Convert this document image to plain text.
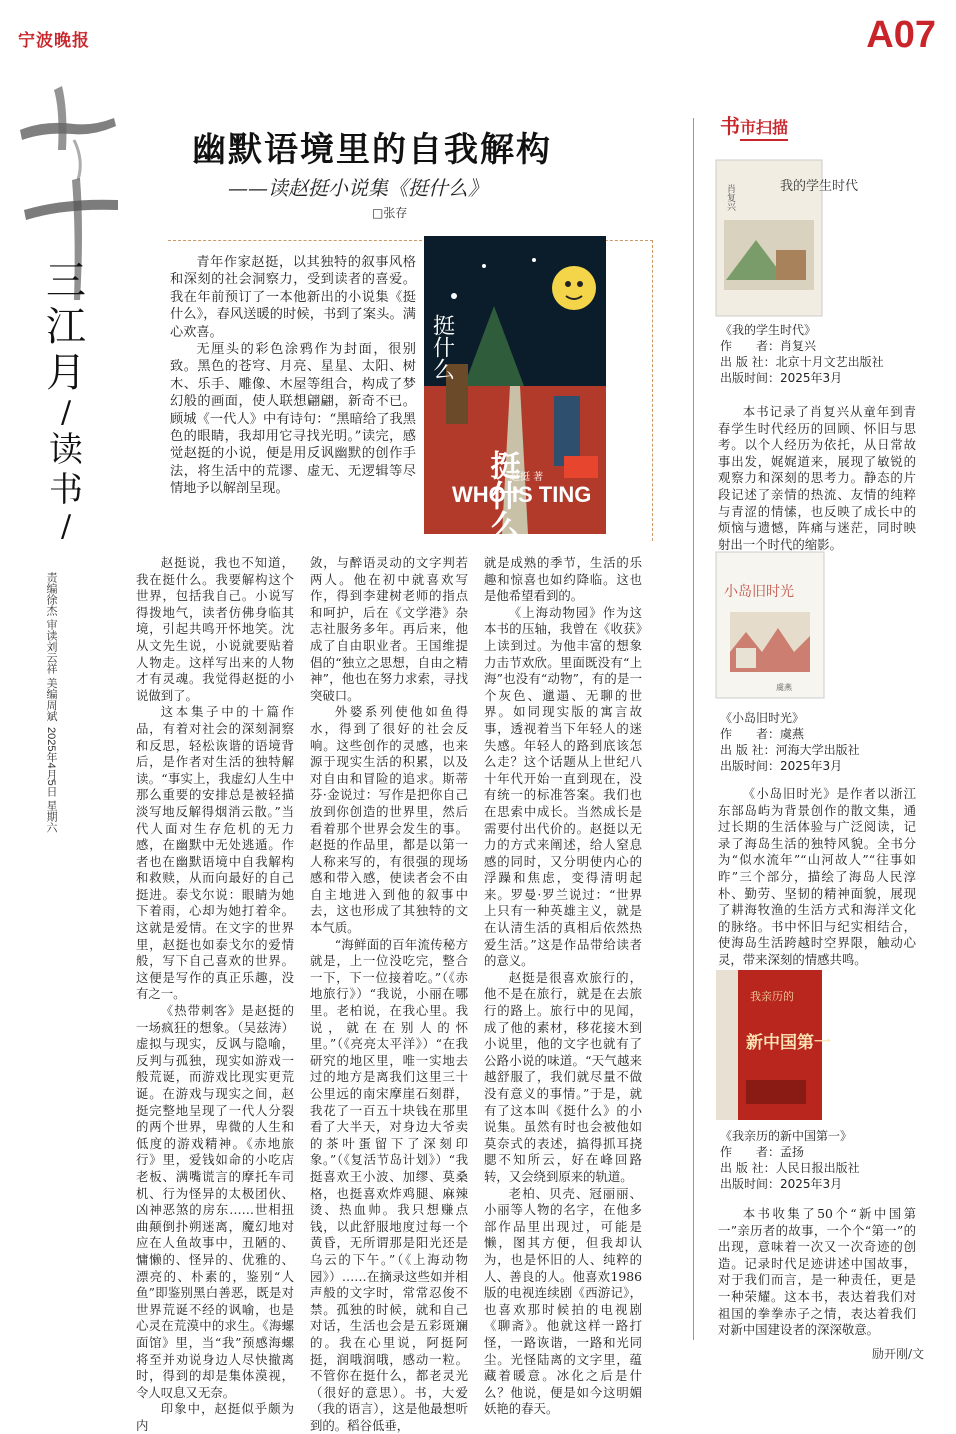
宁波晚报	A07
三
江
月
/
读书
/
责编徐杰 审读刘云祥 美编周斌
2025年4月5日 星期六
幽默语境里的自我解构
——读赵挺小说集《挺什么》
□张存

青年作家赵挺，以其独特的叙事风格和深刻的社会洞察力，受到读者的喜爱。我在年前预订了一本他新出的小说集《挺什么》，春风送暖的时候，书到了案头。满心欢喜。

无厘头的彩色涂鸦作为封面，很别致。黑色的苍穹、月亮、星星、太阳、树木、乐手、雕像、木屋等组合，构成了梦幻般的画面，使人联想翩翩，新奇不已。顾城《一代人》中有诗句：“黑暗给了我黑色的眼睛，我却用它寻找光明。”读完，感觉赵挺的小说，便是用反讽幽默的创作手法，将生活中的荒谬、虚无、无逻辑等尽情地予以解剖呈现。

挺什么
挺什么
WHO IS TING
赵挺 著

赵挺说，我也不知道，我在挺什么。我要解构这个世界，包括我自己。小说写得拨地气，读者仿佛身临其境，引起共鸣开怀地笑。沈从文先生说，小说就要贴着人物走。这样写出来的人物才有灵魂。我觉得赵挺的小说做到了。

这本集子中的十篇作品，有着对社会的深刻洞察和反思，轻松诙谐的语境背后，是作者对生活的独特解读。“事实上，我虚幻人生中那么重要的安排总是被轻描淡写地反解得烟消云散。”当代人面对生存危机的无力感，在幽默中无处逃遁。作者也在幽默语境中自我解构和救赎，从而向最好的自己挺进。泰戈尔说：眼睛为她下着雨，心却为她打着伞。这就是爱情。在文字的世界里，赵挺也如泰戈尔的爱情般，写下自己喜欢的世界。这便是写作的真正乐趣，没有之一。

《热带刺客》是赵挺的一场疯狂的想象。（吴兹涛）虚拟与现实，反讽与隐喻，反判与孤独，现实如游戏一般荒诞，而游戏比现实更荒诞。在游戏与现实之间，赵挺完整地呈现了一代人分裂的两个世界，卑微的人生和低度的游戏精神。《赤地旅行》里，爱钱如命的小吃店老板、满嘴谎言的摩托车司机、行为怪异的太极团伙、凶神恶煞的房东……世相扭曲颠倒扑朔迷离，魔幻地对应在人鱼故事中，丑陋的、慵懒的、怪异的、优雅的、漂亮的、朴素的，鉴别“人鱼”即鉴别黑白善恶，既是对世界荒诞不经的讽喻，也是心灵在荒漠中的求生。《海螺面馆》里，当“我”预感海螺将至并劝说身边人尽快撤离时，得到的却是集体漠视，令人叹息又无奈。

印象中，赵挺似乎颇为内

敛，与醉语灵动的文字判若两人。他在初中就喜欢写作，得到李建树老师的指点和呵护，后在《文学港》杂志社服务多年。再后来，他成了自由职业者。王国维提倡的“独立之思想，自由之精神”，他也在努力求索，寻找突破口。

外婆系列使他如鱼得水，得到了很好的社会反响。这些创作的灵感，也来源于现实生活的积累，以及对自由和冒险的追求。斯蒂芬·金说过：写作是把你自己放到你创造的世界里，然后看着那个世界会发生的事。赵挺的作品里，都是以第一人称来写的，有很强的现场感和带入感，使读者会不由自主地进入到他的叙事中去，这也形成了其独特的文本气质。

“海鲜面的百年流传秘方就是，上一位没吃完，整合一下，下一位接着吃。”（《赤地旅行》）“我说，小丽在哪里。老柏说，在我心里。我说，就在在别人的怀里。”（《亮亮太平洋》）“在我研究的地区里，唯一实地去过的地方是离我们这里三十公里远的南宋摩崖石刻群，我花了一百五十块钱在那里看了大半天，对身边大爷卖的茶叶蛋留下了深刻印象。”（《复活节岛计划》）“我挺喜欢王小波、加缪、莫桑格，也挺喜欢炸鸡腿、麻辣烫、热血帅。我只想赚点钱，以此舒服地度过每一个黄昏，无所谓那是阳光还是乌云的下午。”（《上海动物园》）……在摘录这些如并相声般的文字时，常常忍俊不禁。孤独的时候，就和自己对话，生活也会是五彩斑斓的。我在心里说，阿挺阿挺，润哦润哦，感动一粒。不管你在挺什么，都老灵光（很好的意思）。书，大爱（我的语言），这是他最想听到的。稻谷低垂，

就是成熟的季节，生活的乐趣和惊喜也如约降临。这也是他希望看到的。

《上海动物园》作为这本书的压轴，我曾在《收获》上读到过。为他丰富的想象力击节欢欣。里面既没有“上海”也没有“动物”，有的是一个灰色、邋遢、无聊的世界。如同现实版的寓言故事，透视着当下年轻人的迷失感。年轻人的路到底该怎么走？这个话题从上世纪八十年代开始一直到现在，没有统一的标准答案。我们也在思索中成长。当然成长是需要付出代价的。赵挺以无力的方式来阐述，给人窒息感的同时，又分明使内心的浮躁和焦虑，变得清明起来。罗曼·罗兰说过：“世界上只有一种英雄主义，就是在认清生活的真相后依然热爱生活。”这是作品带给读者的意义。

赵挺是很喜欢旅行的，他不是在旅行，就是在去旅行的路上。旅行中的见闻，成了他的素材，移花接木到小说里，他的文字也就有了公路小说的味道。“天气越来越舒服了，我们就尽量不做没有意义的事情。”于是，就有了这本叫《挺什么》的小说集。虽然有时也会被他如莫奈式的表述，搞得抓耳挠腮不知所云，好在峰回路转，又会绕到原来的轨道。

老柏、贝壳、冠丽丽、小丽等人物的名字，在他多部作品里出现过，可能是懒，图其方便，但我却认为，也是怀旧的人、纯粹的人、善良的人。他喜欢1986版的电视连续剧《西游记》，也喜欢那时候拍的电视剧《聊斋》。他就这样一路打怪，一路诙谐，一路和光同尘。光怪陆离的文字里，蕴藏着暖意。冰化之后是什么？他说，便是如今这明媚妖艳的春天。

书市扫描
我的学生时代
肖复兴
《我的学生时代》
作　　者：肖复兴
出 版 社：北京十月文艺出版社
出版时间：2025年3月

本书记录了肖复兴从童年到青春学生时代经历的回顾、怀旧与思考。以个人经历为依托，从日常故事出发，娓娓道来，展现了敏锐的观察力和深刻的思考力。静态的片段记述了亲情的热流、友情的纯粹与青涩的情愫，也反映了成长中的烦恼与遗憾，阵痛与迷茫，同时映射出一个时代的缩影。

小岛旧时光
虞燕
《小岛旧时光》
作　　者：虞燕
出 版 社：河海大学出版社
出版时间：2025年3月

《小岛旧时光》是作者以浙江东部岛屿为背景创作的散文集，通过长期的生活体验与广泛阅读，记录了海岛生活的独特风貌。全书分为“似水流年”“山河故人”“往事如昨”三个部分，描绘了海岛人民淳朴、勤劳、坚韧的精神面貌，展现了耕海牧渔的生活方式和海洋文化的脉络。书中怀旧与纪实相结合，使海岛生活跨越时空界限，触动心灵，带来深刻的情感共鸣。

我亲历的
新中国第一
《我亲历的新中国第一》
作　　者：孟扬
出 版 社：人民日报出版社
出版时间：2025年3月

本书收集了50个“新中国第一”亲历者的故事，一个个“第一”的出现，意味着一次又一次奇迹的创造。记录时代足迹讲述中国故事，对于我们而言，是一种责任，更是一种荣耀。这本书，表达着我们对祖国的拳拳赤子之情，表达着我们对新中国建设者的深深敬意。

励开刚/文
